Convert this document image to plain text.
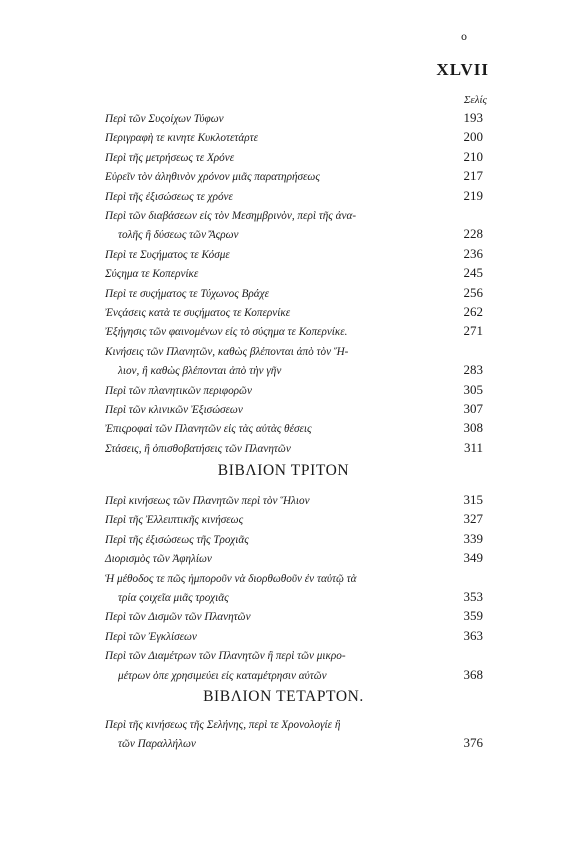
ο
XLVII
Σελίς
ΒΙΒΛΙΟΝ ΤΡΙΤΟΝ
ΒΙΒΛΙΟΝ ΤΕΤΑΡΤΟΝ.
Περὶ τῶν Συςοίχων Τύφων	193
Περιγραφὴ τε κινητε Κυκλοτετάρτε	200
Περὶ τῆς μετρήσεως τε Χρόνε	210
Εὑρεῖν τὸν ἀληθινὸν χρόνον μιᾶς παρατηρήσεως	217
Περὶ τῆς ἐξισώσεως τε χρόνε	219
Περὶ τῶν διαβάσεων εἰς τὸν Μεσημβρινὸν, περὶ τῆς ἀνα-
τολῆς ἢ δύσεως τῶν Ἄςρων	228
Περὶ τε Συςήματος τε Κόσμε	236
Σύςημα τε Κοπερνίκε	245
Περὶ τε συςήματος τε Τύχωνος Βράχε	256
Ἐνςάσεις κατὰ τε συςήματος τε Κοπερνίκε	262
Ἐξήγησις τῶν φαινομένων εἰς τὸ σύςημα τε Κοπερνίκε.	271
Κινήσεις τῶν Πλανητῶν, καθὼς βλέπονται ἀπὸ τὸν Ἥ-
λιον, ἢ καθὼς βλέπονται ἀπὸ τὴν γῆν	283
Περὶ τῶν πλανητικῶν περιφορῶν	305
Περὶ τῶν κλινικῶν Ἐξισώσεων	307
Ἐπιςροφαὶ τῶν Πλανητῶν εἰς τὰς αὐτὰς θέσεις	308
Στάσεις, ἢ ὀπισθοβατήσεις τῶν Πλανητῶν	311
Περὶ κινήσεως τῶν Πλανητῶν περὶ τὸν Ἥλιον	315
Περὶ τῆς Ἐλλειπτικῆς κινήσεως	327
Περὶ τῆς ἐξισώσεως τῆς Τροχιᾶς	339
Διορισμὸς τῶν Ἀφηλίων	349
Ἡ μέθοδος τε πῶς ἠμποροῦν νὰ διορθωθοῦν ἐν ταὐτῷ τὰ
τρία ςοιχεῖα μιᾶς τροχιᾶς	353
Περὶ τῶν Δισμῶν τῶν Πλανητῶν	359
Περὶ τῶν Ἐγκλίσεων	363
Περὶ τῶν Διαμέτρων τῶν Πλανητῶν ἢ περὶ τῶν μικρο-
μέτρων ὁπε χρησιμεύει εἰς καταμέτρησιν αὐτῶν	368
Περὶ τῆς κινήσεως τῆς Σελήνης, περὶ τε Χρονολογίε ἢ
τῶν Παραλλήλων	376
